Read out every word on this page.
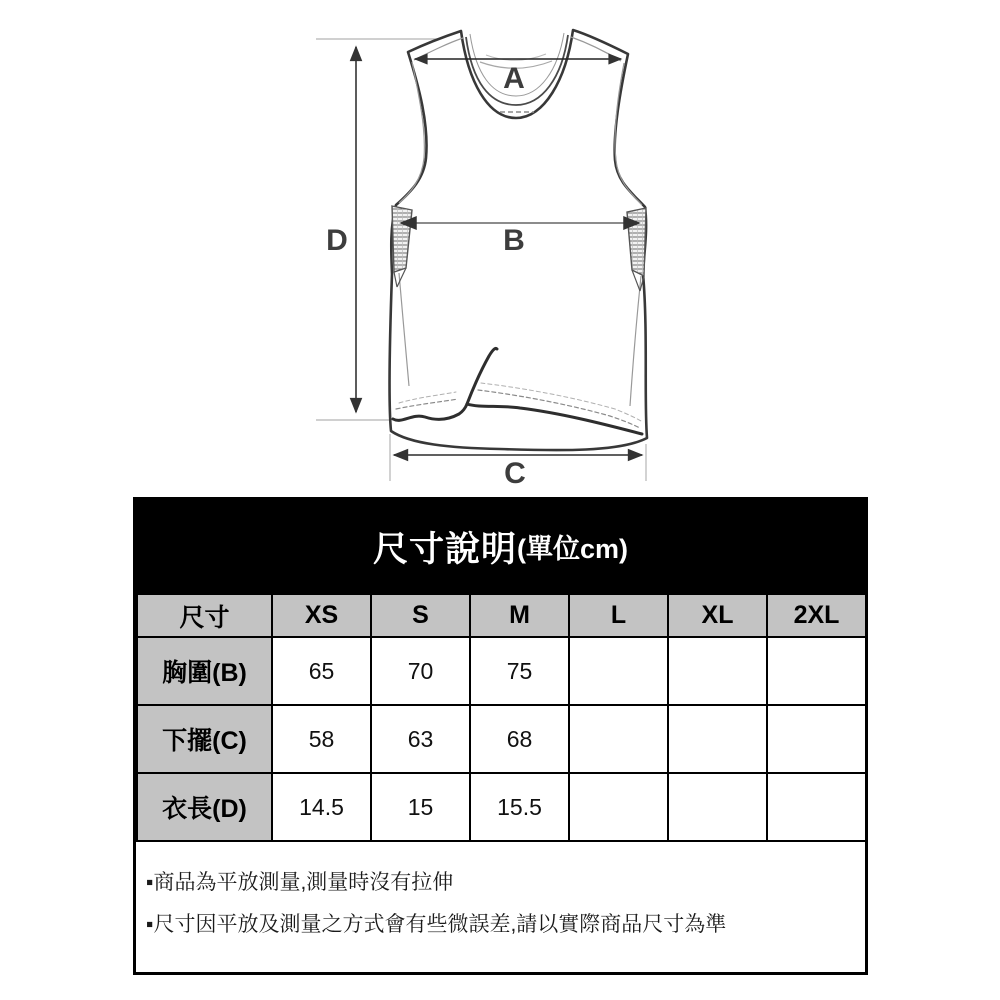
A
B
C
D
尺寸說明 (單位cm)
尺寸	XS	S	M	L	XL	2XL
胸圍(B)	65	70	75			
下擺(C)	58	63	68			
衣長(D)	14.5	15	15.5			
▪商品為平放測量,測量時沒有拉伸
▪尺寸因平放及測量之方式會有些微誤差,請以實際商品尺寸為準
